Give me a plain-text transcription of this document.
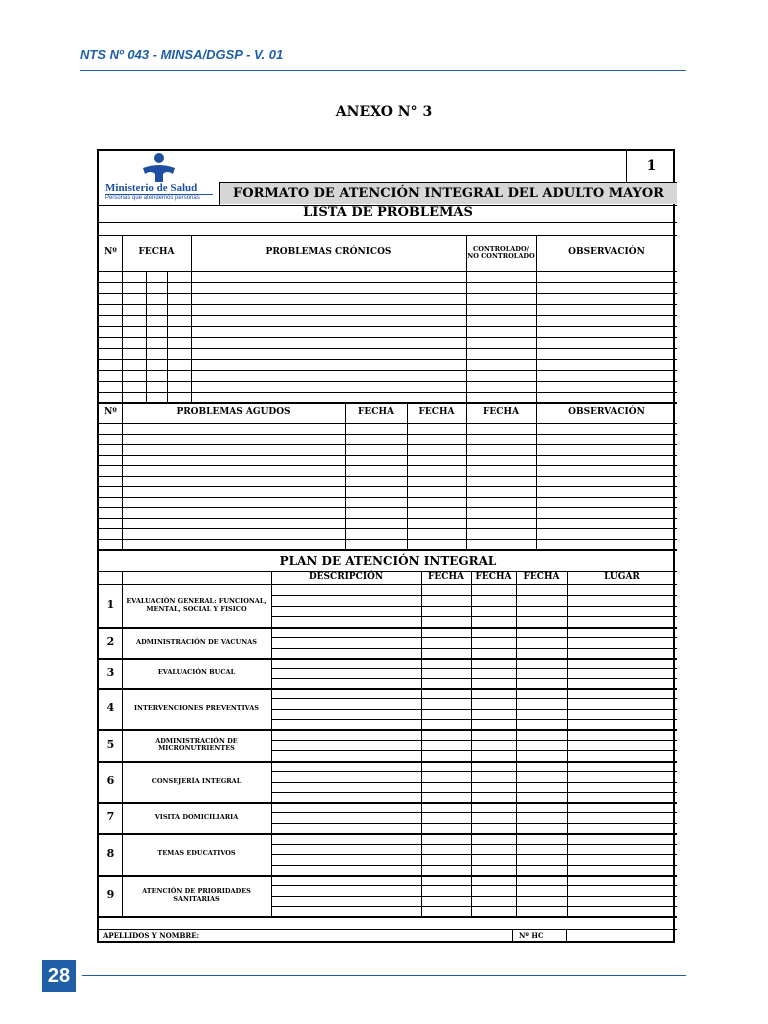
NTS Nº 043 - MINSA/DGSP - V. 01
ANEXO N° 3
Ministerio de Salud
Personas que atendemos personas
1
FORMATO DE ATENCIÓN INTEGRAL DEL ADULTO MAYOR
LISTA DE PROBLEMAS
Nº	FECHA	PROBLEMAS CRÓNICOS	CONTROLADO/
NO CONTROLADO	OBSERVACIÓN
Nº	PROBLEMAS AGUDOS	FECHA	FECHA	FECHA	OBSERVACIÓN
PLAN DE ATENCIÓN INTEGRAL
DESCRIPCIÓN	FECHA	FECHA	FECHA	LUGAR
1	EVALUACIÓN GENERAL: FUNCIONAL,
MENTAL, SOCIAL Y FISICO
2	ADMINISTRACIÓN DE VACUNAS
3	EVALUACIÓN BUCAL
4	INTERVENCIONES PREVENTIVAS
5	ADMINISTRACIÓN DE
MICRONUTRIENTES
6	CONSEJERÍA INTEGRAL
7	VISITA DOMICILIARIA
8	TEMAS EDUCATIVOS
9	ATENCIÓN DE PRIORIDADES
SANITARIAS
APELLIDOS Y NOMBRE:	Nº HC
28
